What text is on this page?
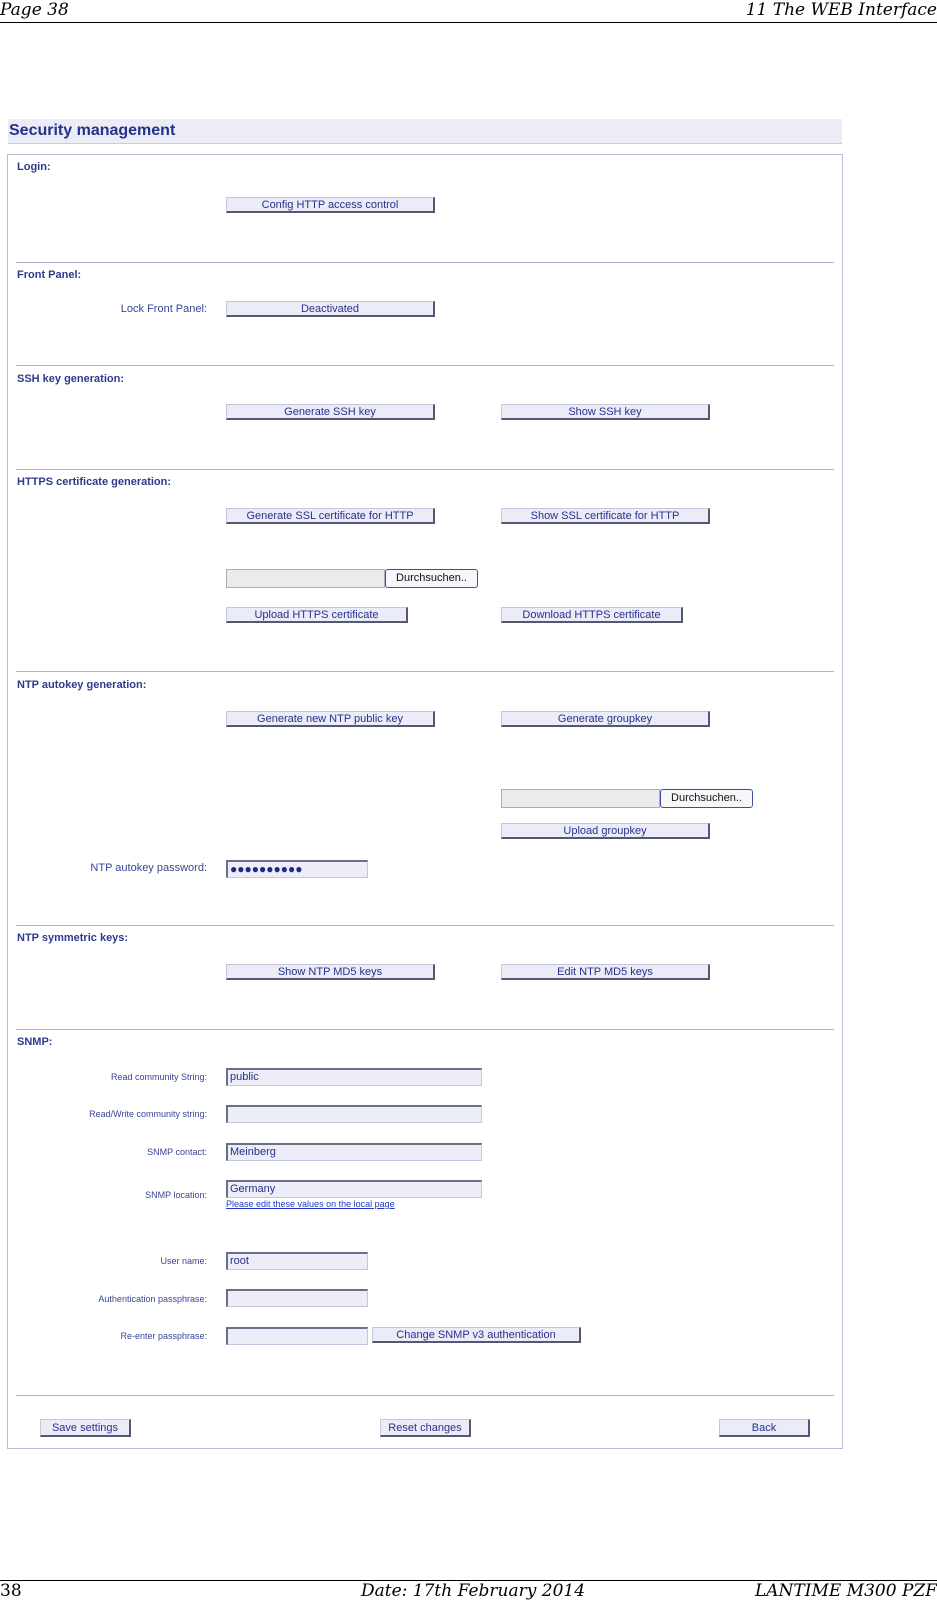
Page 38	11 The WEB Interface
Security management
Login:
Config HTTP access control
Front Panel:
Lock Front Panel:	Deactivated
SSH key generation:
Generate SSH key	Show SSH key
HTTPS certificate generation:
Generate SSL certificate for HTTP	Show SSL certificate for HTTP
Durchsuchen..
Upload HTTPS certificate	Download HTTPS certificate
NTP autokey generation:
Generate new NTP public key	Generate groupkey
Durchsuchen..
Upload groupkey
NTP autokey password:	●●●●●●●●●●
NTP symmetric keys:
Show NTP MD5 keys	Edit NTP MD5 keys
SNMP:
Read community String:	public
Read/Write community string:
SNMP contact:	Meinberg
SNMP location:	Germany
Please edit these values on the local page
User name:	root
Authentication passphrase:
Re-enter passphrase:	Change SNMP v3 authentication
Save settings	Reset changes	Back
38	Date: 17th February 2014	LANTIME M300 PZF
